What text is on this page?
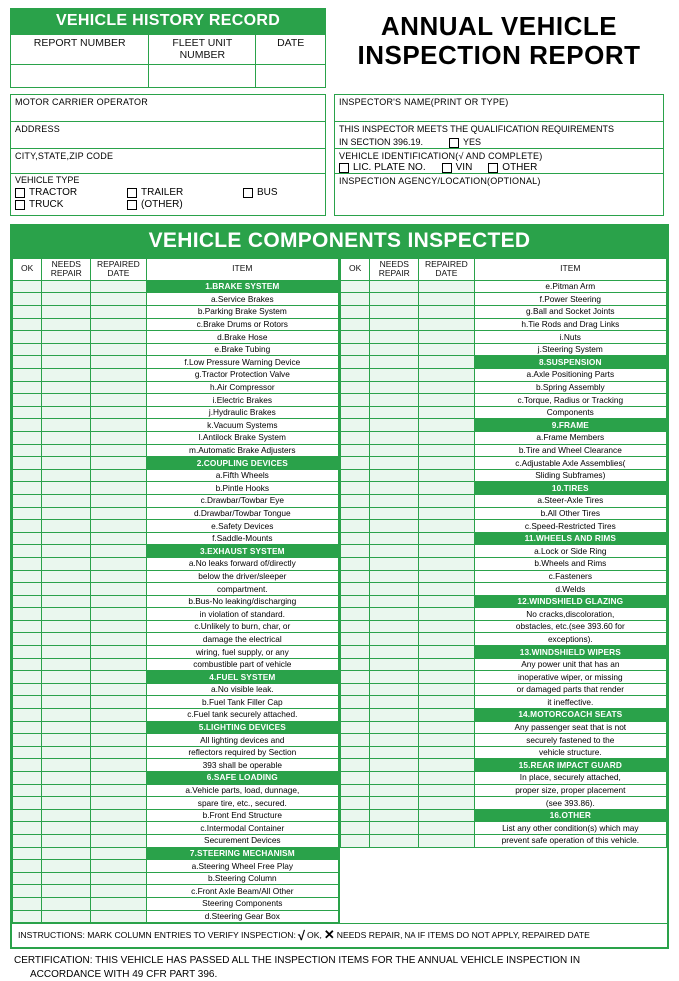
VEHICLE HISTORY RECORD
REPORT NUMBER	FLEET UNIT NUMBER
DATE
ANNUAL VEHICLE
INSPECTION REPORT
MOTOR CARRIER OPERATOR
ADDRESS
CITY,STATE,ZIP CODE
VEHICLE TYPE
TRACTOR	TRAILER	BUS
TRUCK	(OTHER)
INSPECTOR'S NAME(PRINT OR TYPE)
THIS INSPECTOR MEETS THE QUALIFICATION REQUIREMENTS
IN SECTION 396.19.	YES
VEHICLE IDENTIFICATION(√ AND COMPLETE)
LIC. PLATE NO.	VIN	OTHER
INSPECTION AGENCY/LOCATION(OPTIONAL)
VEHICLE COMPONENTS INSPECTED
OK	NEEDS REPAIR	REPAIRED DATE	ITEM
			1.BRAKE SYSTEM
			a.Service Brakes
			b.Parking Brake System
			c.Brake Drums or Rotors
			d.Brake Hose
			e.Brake Tubing
			f.Low Pressure Warning Device
			g.Tractor Protection Valve
			h.Air Compressor
			i.Electric Brakes
			j.Hydraulic Brakes
			k.Vacuum Systems
			l.Antilock Brake System
			m.Automatic Brake Adjusters
			2.COUPLING DEVICES
			a.Fifth Wheels
			b.Pintle Hooks
			c.Drawbar/Towbar Eye
			d.Drawbar/Towbar Tongue
			e.Safety Devices
			f.Saddle-Mounts
			3.EXHAUST SYSTEM
			a.No leaks forward of/directly
			below the driver/sleeper
			compartment.
			b.Bus-No leaking/discharging
			in violation of standard.
			c.Unlikely to burn, char, or
			damage the electrical
			wiring, fuel supply, or any
			combustible part of vehicle
			4.FUEL SYSTEM
			a.No visible leak.
			b.Fuel Tank Filler Cap
			c.Fuel tank securely attached.
			5.LIGHTING DEVICES
			All lighting devices and
			reflectors required by Section
			393 shall be operable
			6.SAFE LOADING
			a.Vehicle parts, load, dunnage,
			spare tire, etc., secured.
			b.Front End Structure
			c.Intermodal Container
			Securement Devices
			7.STEERING MECHANISM
			a.Steering Wheel Free Play
			b.Steering Column
			c.Front Axle Beam/All Other
			Steering Components
			d.Steering Gear Box
OK	NEEDS REPAIR	REPAIRED DATE	ITEM
			e.Pitman Arm
			f.Power Steering
			g.Ball and Socket Joints
			h.Tie Rods and Drag Links
			i.Nuts
			j.Steering System
			8.SUSPENSION
			a.Axle Positioning Parts
			b.Spring Assembly
			c.Torque, Radius or Tracking
			Components
			9.FRAME
			a.Frame Members
			b.Tire and Wheel Clearance
			c.Adjustable Axle Assemblies(
			Sliding Subframes)
			10.TIRES
			a.Steer-Axle Tires
			b.All Other Tires
			c.Speed-Restricted Tires
			11.WHEELS AND RIMS
			a.Lock or Side Ring
			b.Wheels and Rims
			c.Fasteners
			d.Welds
			12.WINDSHIELD GLAZING
			No cracks,discoloration,
			obstacles, etc.(see 393.60 for
			exceptions).
			13.WINDSHIELD WIPERS
			Any power unit that has an
			inoperative wiper, or missing
			or damaged parts that render
			it ineffective.
			14.MOTORCOACH SEATS
			Any passenger seat that is not
			securely fastened to the
			vehicle structure.
			15.REAR IMPACT GUARD
			In place, securely attached,
			proper size, proper placement
			(see 393.86).
			16.OTHER
			List any other condition(s) which may
			prevent safe operation of this vehicle.
INSTRUCTIONS: MARK COLUMN ENTRIES TO VERIFY INSPECTION: √ OK, ✕ NEEDS REPAIR, NA IF ITEMS DO NOT APPLY, REPAIRED DATE
CERTIFICATION: THIS VEHICLE HAS PASSED ALL THE INSPECTION ITEMS FOR THE ANNUAL VEHICLE INSPECTION IN
ACCORDANCE WITH 49 CFR PART 396.
